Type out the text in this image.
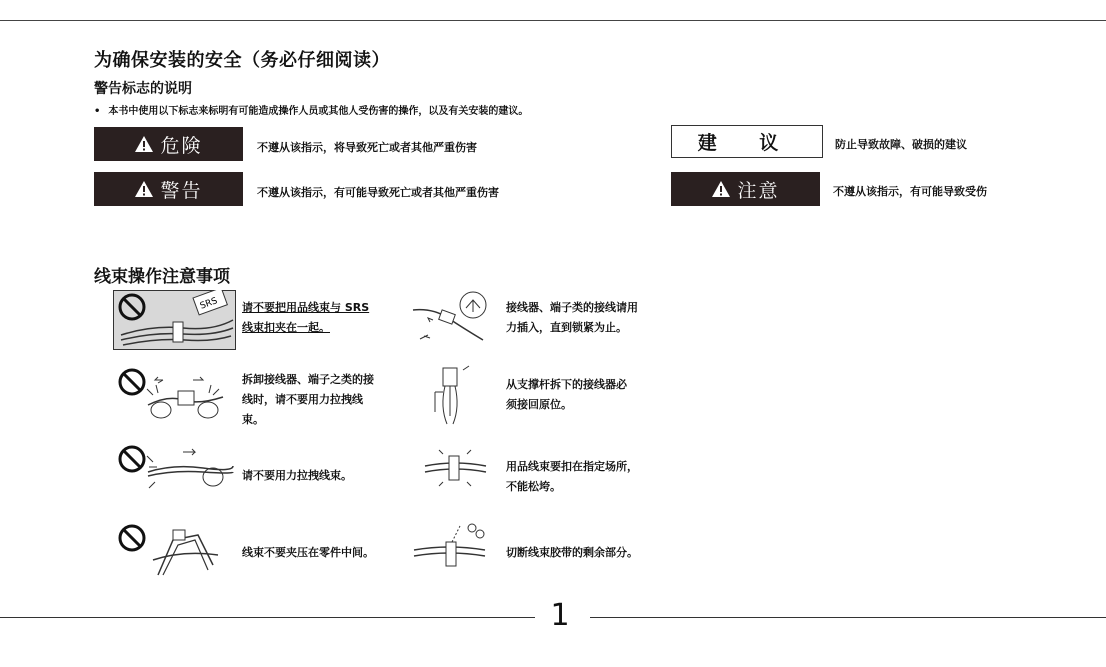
为确保安装的安全（务必仔细阅读）
警告标志的说明
• 本书中使用以下标志来标明有可能造成操作人员或其他人受伤害的操作，以及有关安装的建议。
危険	不遵从该指示，将导致死亡或者其他严重伤害
警告	不遵从该指示，有可能导致死亡或者其他严重伤害
建 议	防止导致故障、破损的建议
注意	不遵从该指示，有可能导致受伤
线束操作注意事项
SRS 请不要把用品线束与 SRS
线束扣夹在一起。
拆卸接线器、端子之类的接
线时，请不要用力拉拽线
束。
请不要用力拉拽线束。
线束不要夹压在零件中间。
接线器、端子类的接线请用
力插入，直到锁紧为止。
从支撑杆拆下的接线器必
须接回原位。
用品线束要扣在指定场所，
不能松垮。
切断线束胶带的剩余部分。
1
